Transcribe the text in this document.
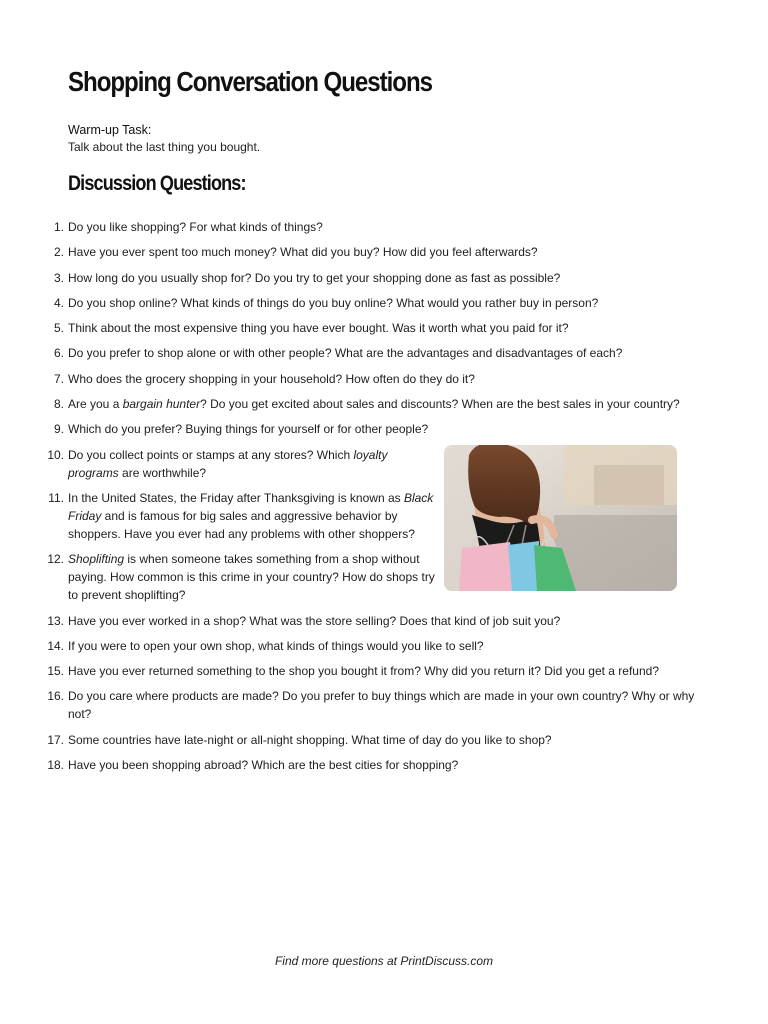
Shopping Conversation Questions
Warm-up Task:
Talk about the last thing you bought.
Discussion Questions:
1. Do you like shopping? For what kinds of things?
2. Have you ever spent too much money? What did you buy? How did you feel afterwards?
3. How long do you usually shop for? Do you try to get your shopping done as fast as possible?
4. Do you shop online? What kinds of things do you buy online? What would you rather buy in person?
5. Think about the most expensive thing you have ever bought. Was it worth what you paid for it?
6. Do you prefer to shop alone or with other people? What are the advantages and disadvantages of each?
7. Who does the grocery shopping in your household? How often do they do it?
8. Are you a bargain hunter? Do you get excited about sales and discounts? When are the best sales in your country?
9. Which do you prefer? Buying things for yourself or for other people?
10. Do you collect points or stamps at any stores? Which loyalty programs are worthwhile?
11. In the United States, the Friday after Thanksgiving is known as Black Friday and is famous for big sales and aggressive behavior by shoppers. Have you ever had any problems with other shoppers?
12. Shoplifting is when someone takes something from a shop without paying. How common is this crime in your country? How do shops try to prevent shoplifting?
13. Have you ever worked in a shop? What was the store selling? Does that kind of job suit you?
14. If you were to open your own shop, what kinds of things would you like to sell?
15. Have you ever returned something to the shop you bought it from? Why did you return it? Did you get a refund?
16. Do you care where products are made? Do you prefer to buy things which are made in your own country? Why or why not?
17. Some countries have late-night or all-night shopping. What time of day do you like to shop?
18. Have you been shopping abroad? Which are the best cities for shopping?
Find more questions at PrintDiscuss.com
